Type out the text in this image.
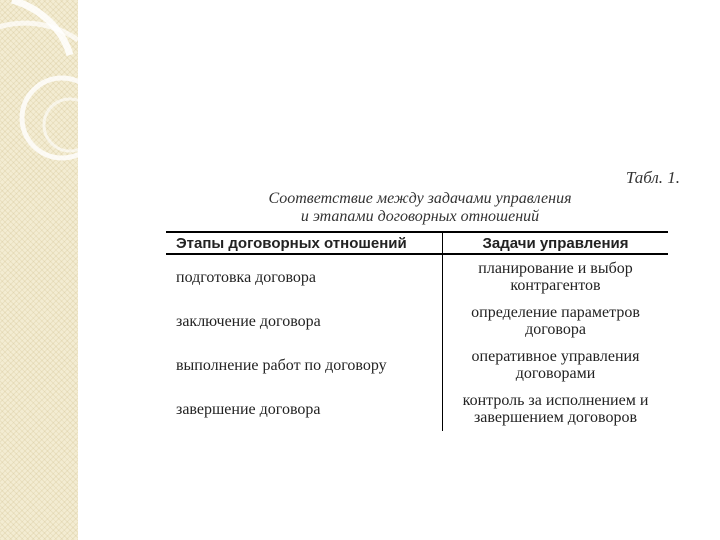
Табл. 1.
Соответствие между задачами управления
и этапами договорных отношений
Этапы договорных отношений	Задачи управления
подготовка договора	планирование и выбор
контрагентов

заключение договора	определение параметров
договора

выполнение работ по договору	оперативное управления
договорами

завершение договора	контроль за исполнением и
завершением договоров
